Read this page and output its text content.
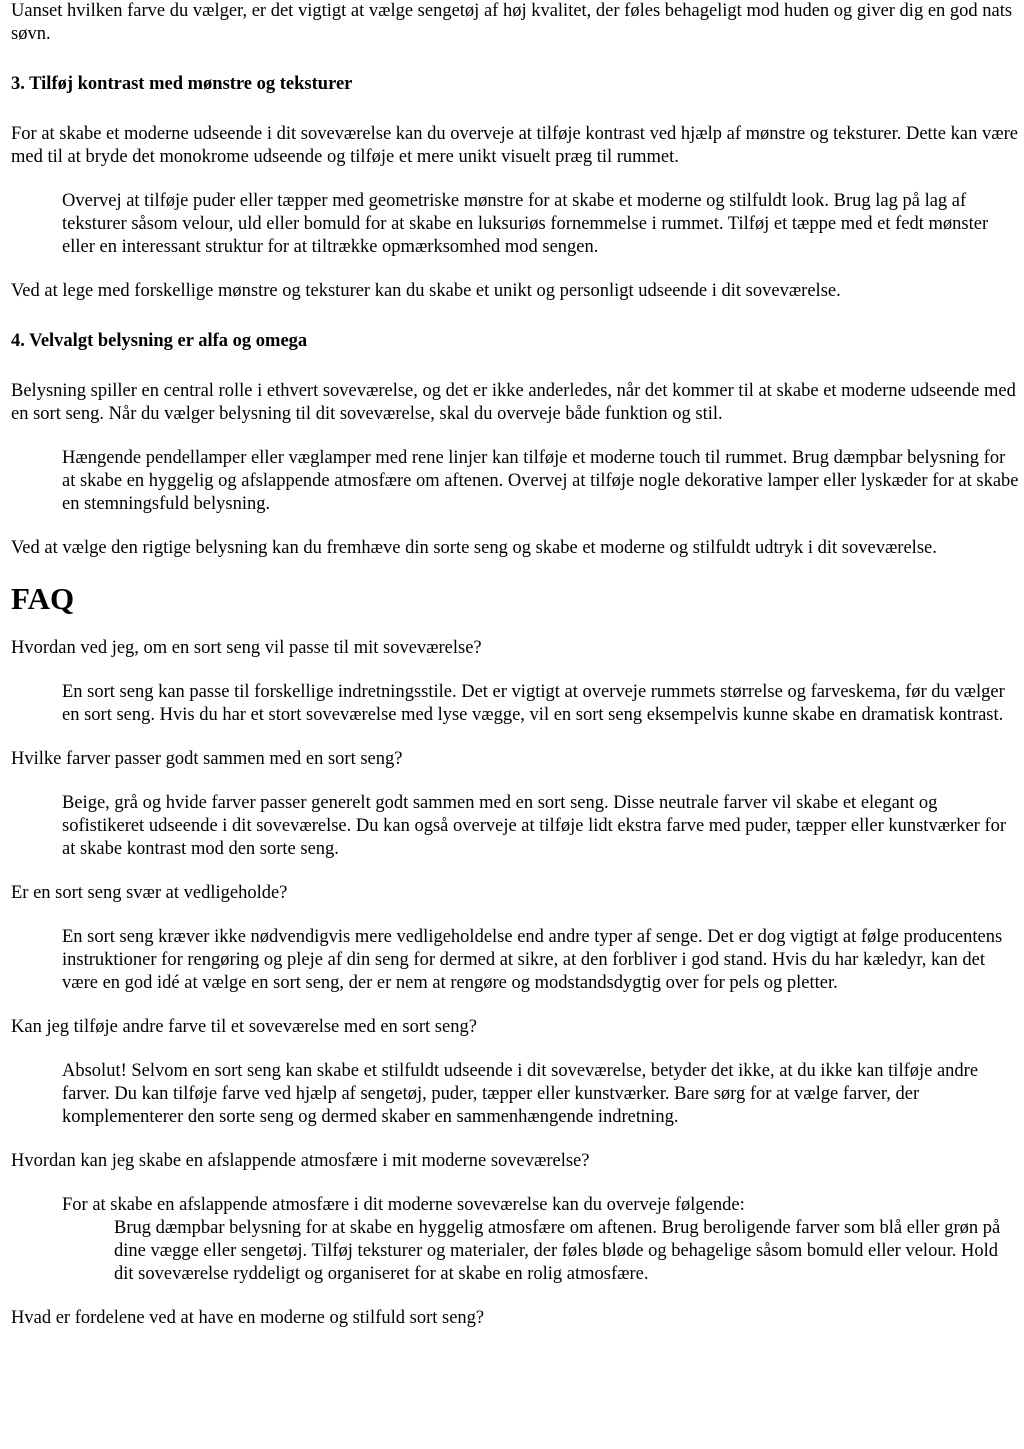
Uanset hvilken farve du vælger, er det vigtigt at vælge sengetøj af høj kvalitet, der føles behageligt mod huden og giver dig en god nats søvn.

3. Tilføj kontrast med mønstre og teksturer

For at skabe et moderne udseende i dit soveværelse kan du overveje at tilføje kontrast ved hjælp af mønstre og teksturer. Dette kan være med til at bryde det monokrome udseende og tilføje et mere unikt visuelt præg til rummet.

Overvej at tilføje puder eller tæpper med geometriske mønstre for at skabe et moderne og stilfuldt look. Brug lag på lag af teksturer såsom velour, uld eller bomuld for at skabe en luksuriøs fornemmelse i rummet. Tilføj et tæppe med et fedt mønster eller en interessant struktur for at tiltrække opmærksomhed mod sengen.

Ved at lege med forskellige mønstre og teksturer kan du skabe et unikt og personligt udseende i dit soveværelse.

4. Velvalgt belysning er alfa og omega

Belysning spiller en central rolle i ethvert soveværelse, og det er ikke anderledes, når det kommer til at skabe et moderne udseende med en sort seng. Når du vælger belysning til dit soveværelse, skal du overveje både funktion og stil.

Hængende pendellamper eller væglamper med rene linjer kan tilføje et moderne touch til rummet. Brug dæmpbar belysning for at skabe en hyggelig og afslappende atmosfære om aftenen. Overvej at tilføje nogle dekorative lamper eller lyskæder for at skabe en stemningsfuld belysning.

Ved at vælge den rigtige belysning kan du fremhæve din sorte seng og skabe et moderne og stilfuldt udtryk i dit soveværelse.

FAQ

Hvordan ved jeg, om en sort seng vil passe til mit soveværelse?

En sort seng kan passe til forskellige indretningsstile. Det er vigtigt at overveje rummets størrelse og farveskema, før du vælger en sort seng. Hvis du har et stort soveværelse med lyse vægge, vil en sort seng eksempelvis kunne skabe en dramatisk kontrast.

Hvilke farver passer godt sammen med en sort seng?

Beige, grå og hvide farver passer generelt godt sammen med en sort seng. Disse neutrale farver vil skabe et elegant og sofistikeret udseende i dit soveværelse. Du kan også overveje at tilføje lidt ekstra farve med puder, tæpper eller kunstværker for at skabe kontrast mod den sorte seng.

Er en sort seng svær at vedligeholde?

En sort seng kræver ikke nødvendigvis mere vedligeholdelse end andre typer af senge. Det er dog vigtigt at følge producentens instruktioner for rengøring og pleje af din seng for dermed at sikre, at den forbliver i god stand. Hvis du har kæledyr, kan det være en god idé at vælge en sort seng, der er nem at rengøre og modstandsdygtig over for pels og pletter.

Kan jeg tilføje andre farve til et soveværelse med en sort seng?

Absolut! Selvom en sort seng kan skabe et stilfuldt udseende i dit soveværelse, betyder det ikke, at du ikke kan tilføje andre farver. Du kan tilføje farve ved hjælp af sengetøj, puder, tæpper eller kunstværker. Bare sørg for at vælge farver, der komplementerer den sorte seng og dermed skaber en sammenhængende indretning.

Hvordan kan jeg skabe en afslappende atmosfære i mit moderne soveværelse?

For at skabe en afslappende atmosfære i dit moderne soveværelse kan du overveje følgende:

Brug dæmpbar belysning for at skabe en hyggelig atmosfære om aftenen. Brug beroligende farver som blå eller grøn på dine vægge eller sengetøj. Tilføj teksturer og materialer, der føles bløde og behagelige såsom bomuld eller velour. Hold dit soveværelse ryddeligt og organiseret for at skabe en rolig atmosfære.

Hvad er fordelene ved at have en moderne og stilfuld sort seng?
